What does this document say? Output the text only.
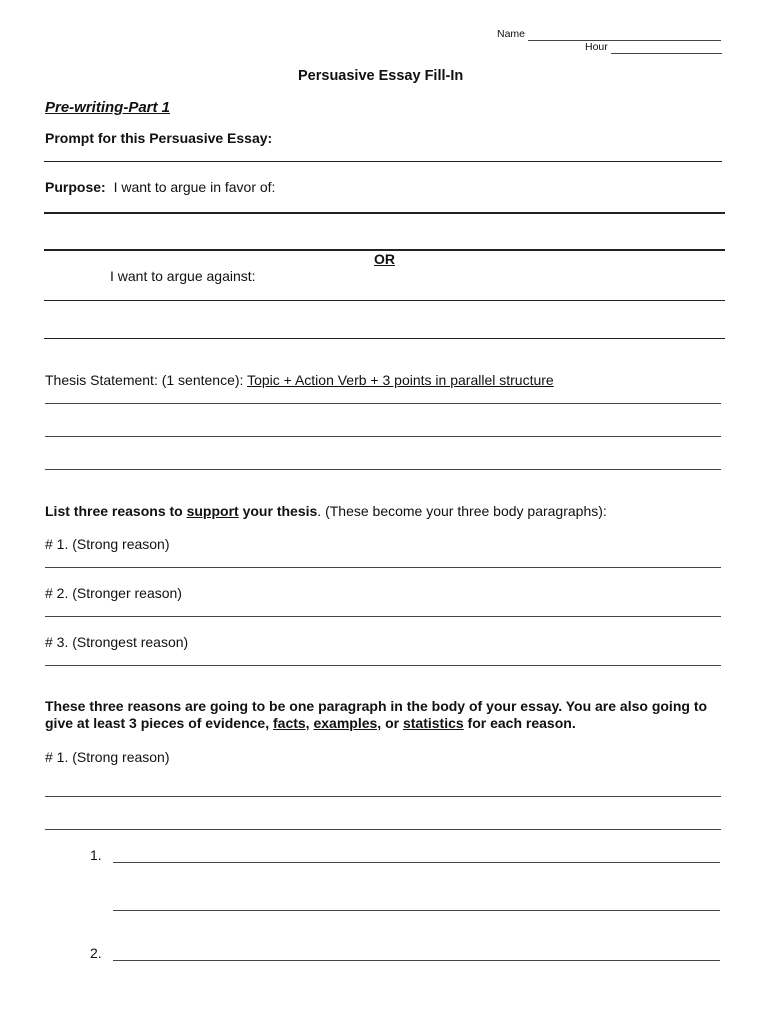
Name
Hour
Persuasive Essay Fill-In
Pre-writing-Part 1
Prompt for this Persuasive Essay:
Purpose: I want to argue in favor of:
OR
I want to argue against:
Thesis Statement: (1 sentence): Topic + Action Verb + 3 points in parallel structure
List three reasons to support your thesis. (These become your three body paragraphs):
# 1. (Strong reason)
# 2. (Stronger reason)
# 3. (Strongest reason)
These three reasons are going to be one paragraph in the body of your essay. You are also going to
give at least 3 pieces of evidence, facts, examples, or statistics for each reason.
# 1. (Strong reason)
1.
2.
